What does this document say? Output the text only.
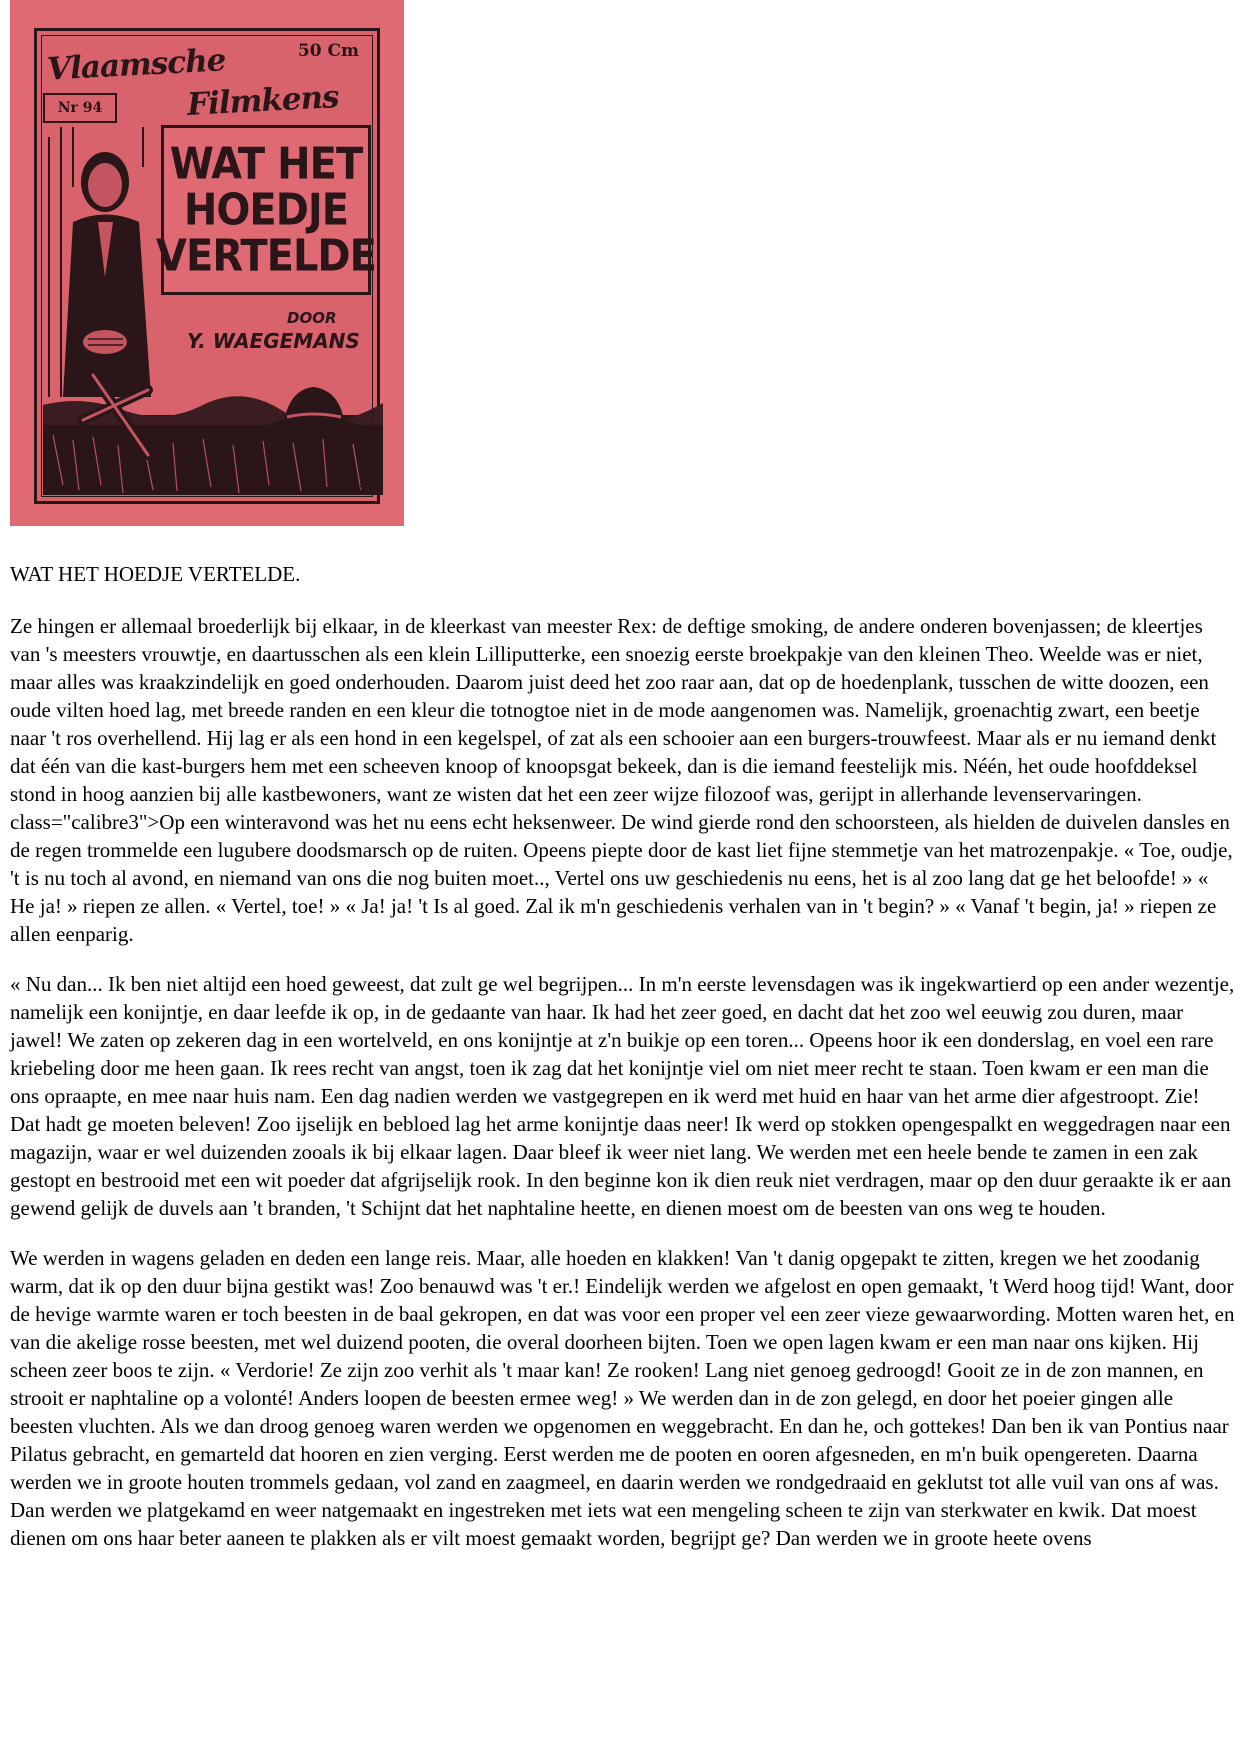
Vlaamsche
Filmkens
50 Cm
Nr 94
WAT HET
HOEDJE
VERTELDE
DOOR
Y. WAEGEMANS
Jos
WAT HET HOEDJE VERTELDE.

Ze hingen er allemaal broederlijk bij elkaar, in de kleerkast van meester Rex: de deftige smoking, de andere onderen bovenjassen; de kleertjes van 's meesters vrouwtje, en daartusschen als een klein Lilliputterke, een snoezig eerste broekpakje van den kleinen Theo. Weelde was er niet, maar alles was kraakzindelijk en goed onderhouden. Daarom juist deed het zoo raar aan, dat op de hoedenplank, tusschen de witte doozen, een oude vilten hoed lag, met breede randen en een kleur die totnogtoe niet in de mode aangenomen was. Namelijk, groenachtig zwart, een beetje naar 't ros overhellend. Hij lag er als een hond in een kegelspel, of zat als een schooier aan een burgers-trouwfeest. Maar als er nu iemand denkt dat één van die kast-burgers hem met een scheeven knoop of knoopsgat bekeek, dan is die iemand feestelijk mis. Néén, het oude hoofddeksel stond in hoog aanzien bij alle kastbewoners, want ze wisten dat het een zeer wijze filozoof was, gerijpt in allerhande levenservaringen. class="calibre3">Op een winteravond was het nu eens echt heksenweer. De wind gierde rond den schoorsteen, als hielden de duivelen dansles en de regen trommelde een lugubere doodsmarsch op de ruiten. Opeens piepte door de kast liet fijne stemmetje van het matrozenpakje. « Toe, oudje, 't is nu toch al avond, en niemand van ons die nog buiten moet.., Vertel ons uw geschiedenis nu eens, het is al zoo lang dat ge het beloofde! » « He ja! » riepen ze allen. « Vertel, toe! » « Ja! ja! 't Is al goed. Zal ik m'n geschiedenis verhalen van in 't begin? » « Vanaf 't begin, ja! » riepen ze allen eenparig.

« Nu dan... Ik ben niet altijd een hoed geweest, dat zult ge wel begrijpen... In m'n eerste levensdagen was ik ingekwartierd op een ander wezentje, namelijk een konijntje, en daar leefde ik op, in de gedaante van haar. Ik had het zeer goed, en dacht dat het zoo wel eeuwig zou duren, maar jawel! We zaten op zekeren dag in een wortelveld, en ons konijntje at z'n buikje op een toren... Opeens hoor ik een donderslag, en voel een rare kriebeling door me heen gaan. Ik rees recht van angst, toen ik zag dat het konijntje viel om niet meer recht te staan. Toen kwam er een man die ons opraapte, en mee naar huis nam. Een dag nadien werden we vastgegrepen en ik werd met huid en haar van het arme dier afgestroopt. Zie! Dat hadt ge moeten beleven! Zoo ijselijk en bebloed lag het arme konijntje daas neer! Ik werd op stokken opengespalkt en weggedragen naar een magazijn, waar er wel duizenden zooals ik bij elkaar lagen. Daar bleef ik weer niet lang. We werden met een heele bende te zamen in een zak gestopt en bestrooid met een wit poeder dat afgrijselijk rook. In den beginne kon ik dien reuk niet verdragen, maar op den duur geraakte ik er aan gewend gelijk de duvels aan 't branden, 't Schijnt dat het naphtaline heette, en dienen moest om de beesten van ons weg te houden.

We werden in wagens geladen en deden een lange reis. Maar, alle hoeden en klakken! Van 't danig opgepakt te zitten, kregen we het zoodanig warm, dat ik op den duur bijna gestikt was! Zoo benauwd was 't er.! Eindelijk werden we afgelost en open gemaakt, 't Werd hoog tijd! Want, door de hevige warmte waren er toch beesten in de baal gekropen, en dat was voor een proper vel een zeer vieze gewaarwording. Motten waren het, en van die akelige rosse beesten, met wel duizend pooten, die overal doorheen bijten. Toen we open lagen kwam er een man naar ons kijken. Hij scheen zeer boos te zijn. « Verdorie! Ze zijn zoo verhit als 't maar kan! Ze rooken! Lang niet genoeg gedroogd! Gooit ze in de zon mannen, en strooit er naphtaline op a volonté! Anders loopen de beesten ermee weg! » We werden dan in de zon gelegd, en door het poeier gingen alle beesten vluchten. Als we dan droog genoeg waren werden we opgenomen en weggebracht. En dan he, och gottekes! Dan ben ik van Pontius naar Pilatus gebracht, en gemarteld dat hooren en zien verging. Eerst werden me de pooten en ooren afgesneden, en m'n buik opengereten. Daarna werden we in groote houten trommels gedaan, vol zand en zaagmeel, en daarin werden we rondgedraaid en geklutst tot alle vuil van ons af was. Dan werden we platgekamd en weer natgemaakt en ingestreken met iets wat een mengeling scheen te zijn van sterkwater en kwik. Dat moest dienen om ons haar beter aaneen te plakken als er vilt moest gemaakt worden, begrijpt ge? Dan werden we in groote heete ovens
